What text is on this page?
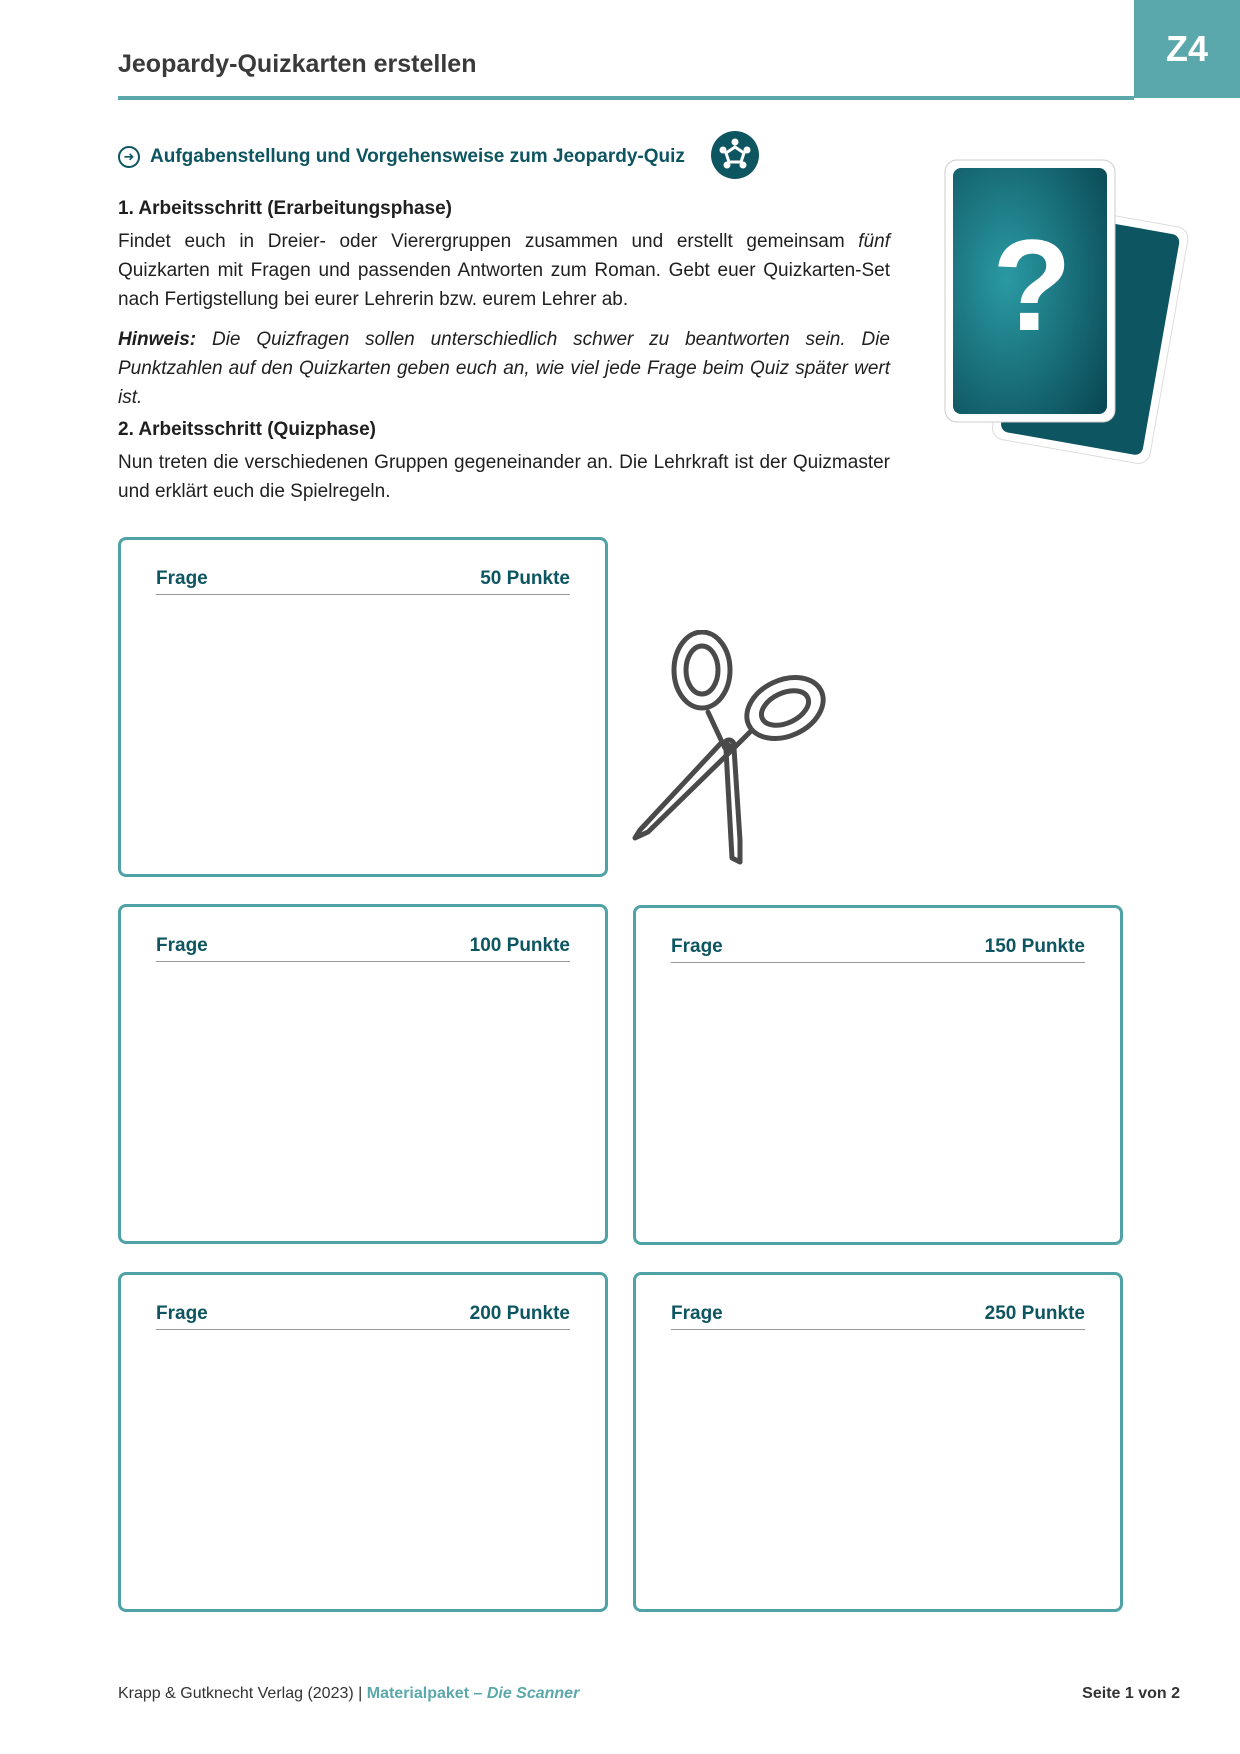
Jeopardy-Quizkarten erstellen	Z4
➜ Aufgabenstellung und Vorgehensweise zum Jeopardy-Quiz
1. Arbeitsschritt (Erarbeitungsphase)
Findet euch in Dreier- oder Vierergruppen zusammen und erstellt gemeinsam fünf Quizkarten mit Fragen und passenden Antworten zum Roman. Gebt euer Quizkarten-Set nach Fertigstellung bei eurer Lehrerin bzw. eurem Lehrer ab.
Hinweis: Die Quizfragen sollen unterschiedlich schwer zu beantworten sein. Die Punktzahlen auf den Quizkarten geben euch an, wie viel jede Frage beim Quiz später wert ist.
2. Arbeitsschritt (Quizphase)
Nun treten die verschiedenen Gruppen gegeneinander an. Die Lehrkraft ist der Quizmaster und erklärt euch die Spielregeln.
?
Frage	50 Punkte
Frage	100 Punkte	Frage	150 Punkte
Frage	200 Punkte	Frage	250 Punkte
Krapp & Gutknecht Verlag (2023) | Materialpaket – Die Scanner	Seite 1 von 2
